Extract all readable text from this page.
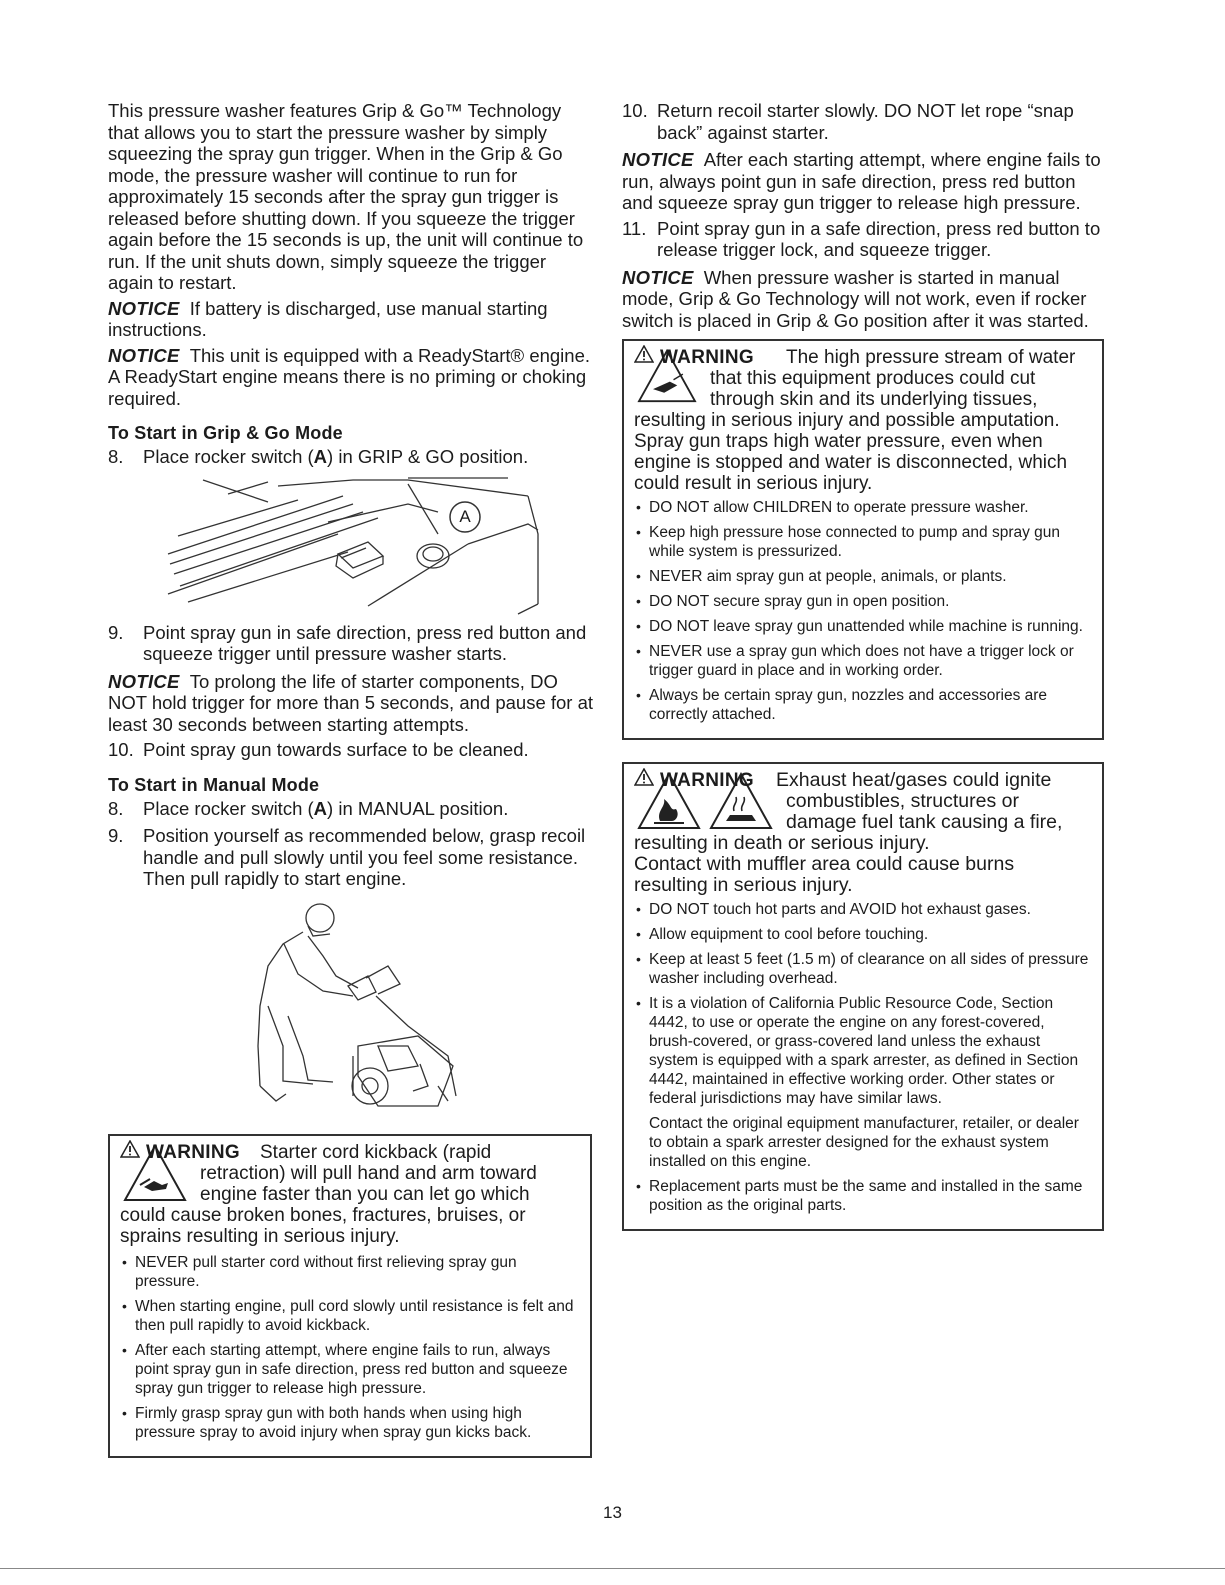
This pressure washer features Grip & Go™ Technology that allows you to start the pressure washer by simply squeezing the spray gun trigger. When in the Grip & Go mode, the pressure washer will continue to run for approximately 15 seconds after the spray gun trigger is released before shutting down. If you squeeze the trigger again before the 15 seconds is up, the unit will continue to run. If the unit shuts down, simply squeeze the trigger again to restart.

NOTICE If battery is discharged, use manual starting instructions.

NOTICE This unit is equipped with a ReadyStart® engine. A ReadyStart engine means there is no priming or choking required.

To Start in Grip & Go Mode
8.	Place rocker switch (A) in GRIP & GO position.
A
9.	Point spray gun in safe direction, press red button and squeeze trigger until pressure washer starts.

NOTICE To prolong the life of starter components, DO NOT hold trigger for more than 5 seconds, and pause for at least 30 seconds between starting attempts.

10. Point spray gun towards surface to be cleaned.
To Start in Manual Mode
8.	Place rocker switch (A) in MANUAL position.
9.	Position yourself as recommended below, grasp recoil handle and pull slowly until you feel some resistance. Then pull rapidly to start engine.
WARNING	Starter cord kickback (rapid retraction) will pull hand and arm toward engine faster than you can let go which could cause broken bones, fractures, bruises, or sprains resulting in serious injury.
• NEVER pull starter cord without first relieving spray gun pressure.
• When starting engine, pull cord slowly until resistance is felt and then pull rapidly to avoid kickback.
• After each starting attempt, where engine fails to run, always point spray gun in safe direction, press red button and squeeze spray gun trigger to release high pressure.
• Firmly grasp spray gun with both hands when using high pressure spray to avoid injury when spray gun kicks back.
10. Return recoil starter slowly. DO NOT let rope “snap back” against starter.

NOTICE After each starting attempt, where engine fails to run, always point gun in safe direction, press red button and squeeze spray gun trigger to release high pressure.

11. Point spray gun in a safe direction, press red button to release trigger lock, and squeeze trigger.

NOTICE When pressure washer is started in manual mode, Grip & Go Technology will not work, even if rocker switch is placed in Grip & Go position after it was started.

WARNING	The high pressure stream of water that this equipment produces could cut through skin and its underlying tissues, resulting in serious injury and possible amputation.
Spray gun traps high water pressure, even when engine is stopped and water is disconnected, which could result in serious injury.
• DO NOT allow CHILDREN to operate pressure washer.
• Keep high pressure hose connected to pump and spray gun while system is pressurized.
• NEVER aim spray gun at people, animals, or plants.
• DO NOT secure spray gun in open position.
• DO NOT leave spray gun unattended while machine is running.
• NEVER use a spray gun which does not have a trigger lock or trigger guard in place and in working order.
• Always be certain spray gun, nozzles and accessories are correctly attached.
WARNING	Exhaust heat/gases could ignite combustibles, structures or damage fuel tank causing a fire, resulting in death or serious injury.
Contact with muffler area could cause burns resulting in serious injury.
• DO NOT touch hot parts and AVOID hot exhaust gases.
• Allow equipment to cool before touching.
• Keep at least 5 feet (1.5 m) of clearance on all sides of pressure washer including overhead.
• It is a violation of California Public Resource Code, Section 4442, to use or operate the engine on any forest-covered, brush-covered, or grass-covered land unless the exhaust system is equipped with a spark arrester, as defined in Section 4442, maintained in effective working order. Other states or federal jurisdictions may have similar laws.
Contact the original equipment manufacturer, retailer, or dealer to obtain a spark arrester designed for the exhaust system installed on this engine.
• Replacement parts must be the same and installed in the same position as the original parts.
13
